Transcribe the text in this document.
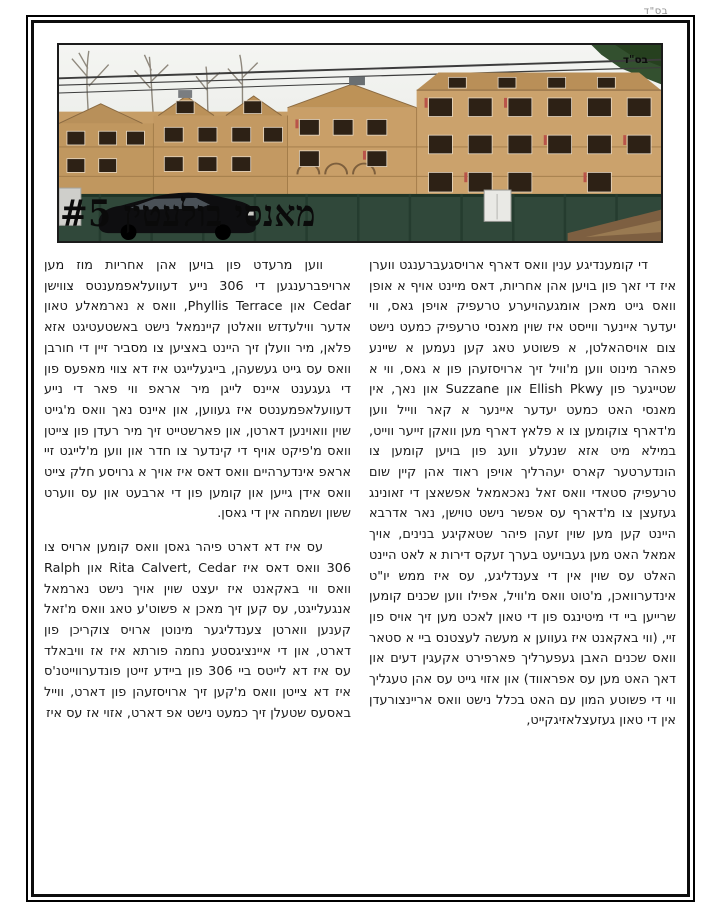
בס"ד
בס"ד
מאנסי בולעטין #5

די קומענדיגע ענין וואס דארף ארויסגעברענגט ווערן איז די זאך פון בויען אהן אחריות, דאס מיינט אויף א אופן וואס גייט מאכן אומגעהויערע טרעפיק אויפן גאס, ווי יעדער איינער ווייסט איז שוין מאנסי טרעפיק כמעט נישט צום אויסהאלטן, א פשוטע טאג קען נעמען א שיינע פאהר מינוט ווען מ'וויל זיך ארויסזעהן פון א גאס, ווי א שטייגער פון Ellish Pkwy און Suzzane און נאך, אין מאנסי האט כמעט יעדער איינער א קאר ווייל ווען מ'דארף צוקומען צו א פלאץ דארף מען וואקן זייער ווייט, במילא מיט אזא שנעלע וועג פון בויען קומען צו הונדערטער קארס יעהרליך אויפן ראוד אהן קיין שום טרעפיק סטאדי וואס זאל נאכאמאל אפשאצן די זאונינג געזעצן צו מ'דארף עס אפשר נישט טוישן, נאר אדרבא היינט קען מען שוין זעהן פיהר שטאקיגע בנינים, אויך אמאל האט מען געבויעט בערך זעקס דירות א לאט היינט האלט עס שוין אין די צענדליגע, עס איז ממש יו"ט אינדערוואכן, מ'טוט וואס מ'וויל, אפילו ווען שכנים קומען שרייען ביי די מיטינגס פון די טאון לאכט מען זיך אויס פון זיי, (ווי באקאנט איז געווען א מעשה לעצטנס ביי א סטאר וואס שכנים האבן געפערליך פארפירט אקעגין דעים און דאך האט מען עס אפראווד) און אזוי גייט עס אהן טעגליך ווי די פשוטע המון עם האט בכלל נישט וואס אריינצורעדן אין די טאון געזעצלאזיגקייט,

ווען מרעדט פון בויען אהן אחריות מוז מען ארויפברענגען די 306 נייע דעוועלאפמענטס צווישן Cedar און Phyllis Terrace, וואס א נארמאלע טאון אדער ווילעדזש וואלטן קיינמאל נישט באשטעטיגט אזא פלאן, מיר וועלן זיך היינט באציען צו מסביר זיין די חורבן וואס עס גייט געשעהן, בייגעלייגט איז דא צווי מאפעס פון די געגענט איינס לייגן מיר אראפ ווי פאר די נייע דעוועלאפמענטס איז געווען, און איינס נאך וואס מ'גייט שוין וואוינען דארטן, און פארשטייט זיך מיר רעדן פון צייטן וואס מ'פיקט אויף די קינדער צו חדר און ווען מ'לייגט זיי אראפ אינדערהיים וואס דאס איז אויך א גרויסע חלק צייט וואס אידן גייען און קומען פון די ארבעט און עס ווערט ששון ושמחה אין די גאסן.

עס איז דא דארט פיהר גאסן וואס קומען ארויס צו 306 וואס דאס איז Rita Calvert, Cedar און Ralph וואס ווי באקאנט איז יעצט שוין אויך נישט נארמאל אנגעלייגט, עס קען זיך מאכן א פשוט'ע טאג וואס מ'זאל קענען ווארטן צענדליגער מינוטן ארויס צוקריכן פון דארט, און די איינציגסטע נחמה פורתא איז אז וויבאלד עס איז דא לייטס ביי 306 פון ביידע זייטן פונדערווייטנ'ס איז דא צייטן וואס מ'קען זיך ארויסזעהן פון דארט, ווייל באסעס שטעלן זיך כמעט נישט אפ דארט, אזוי אז עס איז
